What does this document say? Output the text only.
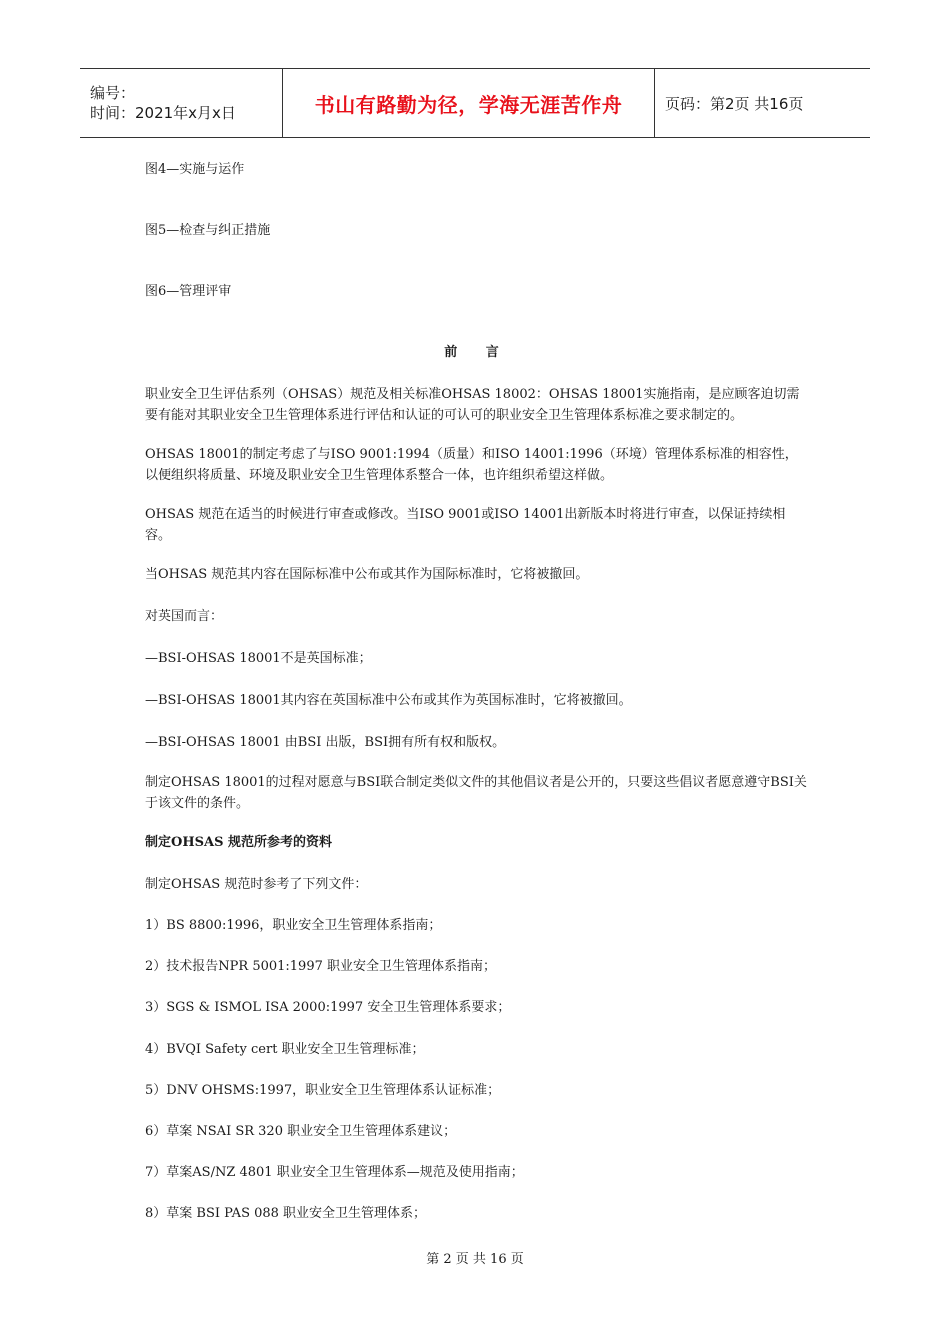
编号：
时间：2021年x月x日	书山有路勤为径，学海无涯苦作舟	页码：第2页 共16页

图4—实施与运作

图5—检查与纠正措施

图6—管理评审

前 言

职业安全卫生评估系列（OHSAS）规范及相关标准OHSAS 18002：OHSAS 18001实施指南，是应顾客迫切需要有能对其职业安全卫生管理体系进行评估和认证的可认可的职业安全卫生管理体系标准之要求制定的。

OHSAS 18001的制定考虑了与ISO 9001:1994（质量）和ISO 14001:1996（环境）管理体系标准的相容性，以便组织将质量、环境及职业安全卫生管理体系整合一体，也许组织希望这样做。

OHSAS 规范在适当的时候进行审查或修改。当ISO 9001或ISO 14001出新版本时将进行审查，以保证持续相容。

当OHSAS 规范其内容在国际标准中公布或其作为国际标准时，它将被撤回。

对英国而言：

—BSI-OHSAS 18001不是英国标准；

—BSI-OHSAS 18001其内容在英国标准中公布或其作为英国标准时，它将被撤回。

—BSI-OHSAS 18001 由BSI 出版，BSI拥有所有权和版权。

制定OHSAS 18001的过程对愿意与BSI联合制定类似文件的其他倡议者是公开的，只要这些倡议者愿意遵守BSI关于该文件的条件。

制定OHSAS 规范所参考的资料

制定OHSAS 规范时参考了下列文件：

1）BS 8800:1996，职业安全卫生管理体系指南；

2）技术报告NPR 5001:1997 职业安全卫生管理体系指南；

3）SGS & ISMOL ISA 2000:1997 安全卫生管理体系要求；

4）BVQI Safety cert 职业安全卫生管理标准；

5）DNV OHSMS:1997，职业安全卫生管理体系认证标准；

6）草案 NSAI SR 320 职业安全卫生管理体系建议；

7）草案AS/NZ 4801 职业安全卫生管理体系—规范及使用指南；

8）草案 BSI PAS 088 职业安全卫生管理体系；

第 2 页 共 16 页
